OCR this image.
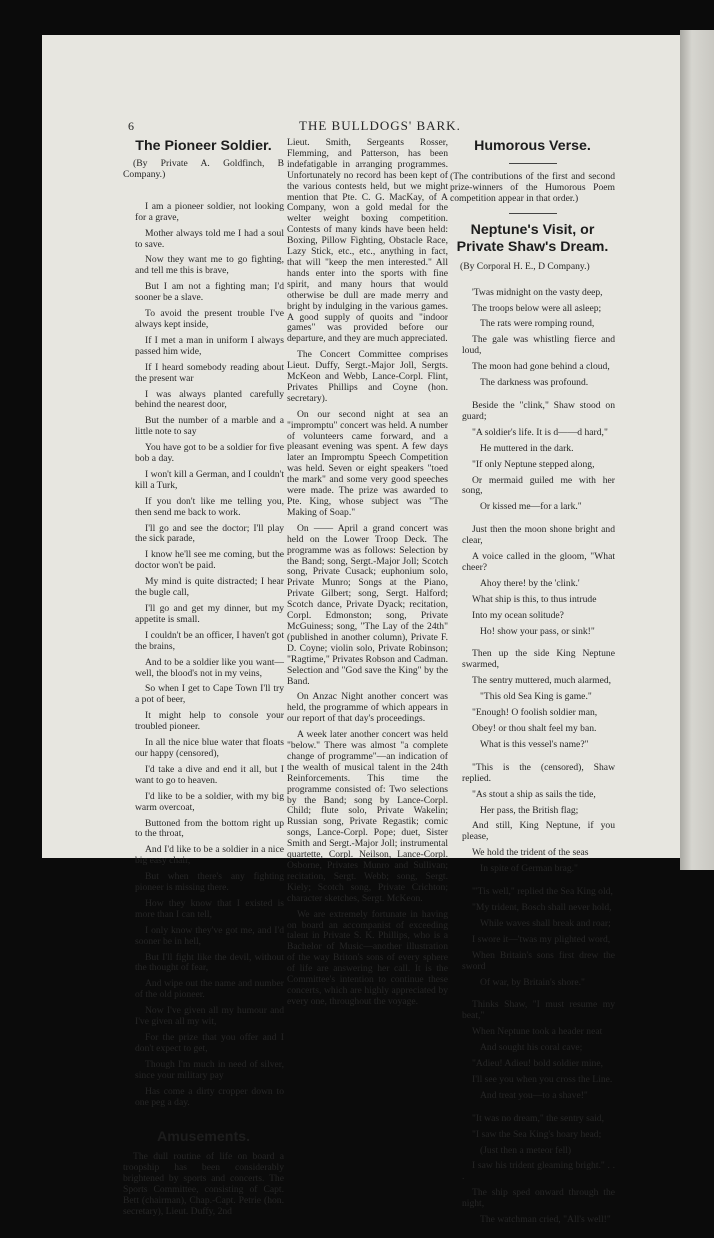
6	THE BULLDOGS' BARK.
The Pioneer Soldier.

(By Private A. Goldfinch, B Company.)

I am a pioneer soldier, not looking for a grave,

Mother always told me I had a soul to save.

Now they want me to go fighting, and tell me this is brave,

But I am not a fighting man; I'd sooner be a slave.

To avoid the present trouble I've always kept inside,

If I met a man in uniform I always passed him wide,

If I heard somebody reading about the present war

I was always planted carefully behind the nearest door,

But the number of a marble and a little note to say

You have got to be a soldier for five bob a day.

I won't kill a German, and I couldn't kill a Turk,

If you don't like me telling you, then send me back to work.

I'll go and see the doctor; I'll play the sick parade,

I know he'll see me coming, but the doctor won't be paid.

My mind is quite distracted; I hear the bugle call,

I'll go and get my dinner, but my appetite is small.

I couldn't be an officer, I haven't got the brains,

And to be a soldier like you want—well, the blood's not in my veins,

So when I get to Cape Town I'll try a pot of beer,

It might help to console your troubled pioneer.

In all the nice blue water that floats our happy (censored),

I'd take a dive and end it all, but I want to go to heaven.

I'd like to be a soldier, with my big warm overcoat,

Buttoned from the bottom right up to the throat,

And I'd like to be a soldier in a nice big easy chair,

But when there's any fighting pioneer is missing there.

How they know that I existed is more than I can tell,

I only know they've got me, and I'd sooner be in hell,

But I'll fight like the devil, without the thought of fear,

And wipe out the name and number of the old pioneer.

Now I've given all my humour and I've given all my wit,

For the prize that you offer and I don't expect to get,

Though I'm much in need of silver, since your military pay

Has come a dirty cropper down to one peg a day.

Amusements.

The dull routine of life on board a troopship has been considerably brightened by sports and concerts. The Sports Committee, consisting of Capt. Bett (chairman), Chap.-Capt. Petrie (hon. secretary), Lieut. Duffy, 2nd

Lieut. Smith, Sergeants Rosser, Flemming, and Patterson, has been indefatigable in arranging programmes. Unfortunately no record has been kept of the various contests held, but we might mention that Pte. C. G. MacKay, of A Company, won a gold medal for the welter weight boxing competition. Contests of many kinds have been held: Boxing, Pillow Fighting, Obstacle Race, Lazy Stick, etc., etc., anything in fact, that will "keep the men interested." All hands enter into the sports with fine spirit, and many hours that would otherwise be dull are made merry and bright by indulging in the various games. A good supply of quoits and "indoor games" was provided before our departure, and they are much appreciated.

The Concert Committee comprises Lieut. Duffy, Sergt.-Major Joll, Sergts. McKeon and Webb, Lance-Corpl. Flint, Privates Phillips and Coyne (hon. secretary).

On our second night at sea an "impromptu" concert was held. A number of volunteers came forward, and a pleasant evening was spent. A few days later an Impromptu Speech Competition was held. Seven or eight speakers "toed the mark" and some very good speeches were made. The prize was awarded to Pte. King, whose subject was "The Making of Soap."

On —— April a grand concert was held on the Lower Troop Deck. The programme was as follows: Selection by the Band; song, Sergt.-Major Joll; Scotch song, Private Cusack; euphonium solo, Private Munro; Songs at the Piano, Private Gilbert; song, Sergt. Halford; Scotch dance, Private Dyack; recitation, Corpl. Edmonston; song, Private McGuiness; song, "The Lay of the 24th" (published in another column), Private F. D. Coyne; violin solo, Private Robinson; "Ragtime," Privates Robson and Cadman. Selection and "God save the King" by the Band.

On Anzac Night another concert was held, the programme of which appears in our report of that day's proceedings.

A week later another concert was held "below." There was almost "a complete change of programme"—an indication of the wealth of musical talent in the 24th Reinforcements. This time the programme consisted of: Two selections by the Band; song by Lance-Corpl. Child; flute solo, Private Wakelin; Russian song, Private Regastik; comic songs, Lance-Corpl. Pope; duet, Sister Smith and Sergt.-Major Joll; instrumental quartette, Corpl. Neilson, Lance-Corpl. Osborne, Privates Munro and Sullivan; recitation, Sergt. Webb; song, Sergt. Kiely; Scotch song, Private Crichton; character sketches, Sergt. McKeon.

We are extremely fortunate in having on board an accompanist of exceeding talent in Private S. K. Phillips, who is a Bachelor of Music—another illustration of the way Briton's sons of every sphere of life are answering her call. It is the Committee's intention to continue these concerts, which are highly appreciated by every one, throughout the voyage.

Humorous Verse.

(The contributions of the first and second prize-winners of the Humorous Poem competition appear in that order.)

Neptune's Visit, or Private Shaw's Dream.

(By Corporal H. E., D Company.)

'Twas midnight on the vasty deep,

The troops below were all asleep;

The rats were romping round,

The gale was whistling fierce and loud,

The moon had gone behind a cloud,

The darkness was profound.

Beside the "clink," Shaw stood on guard;

"A soldier's life. It is d——d hard,"

He muttered in the dark.

"If only Neptune stepped along,

Or mermaid guiled me with her song,

Or kissed me—for a lark."

Just then the moon shone bright and clear,

A voice called in the gloom, "What cheer?

Ahoy there! by the 'clink.'

What ship is this, to thus intrude

Into my ocean solitude?

Ho! show your pass, or sink!"

Then up the side King Neptune swarmed,

The sentry muttered, much alarmed,

"This old Sea King is game."

"Enough! O foolish soldier man,

Obey! or thou shalt feel my ban.

What is this vessel's name?"

"This is the (censored), Shaw replied.

"As stout a ship as sails the tide,

Her pass, the British flag;

And still, King Neptune, if you please,

We hold the trident of the seas

In spite of German brag."

"'Tis well," replied the Sea King old,

"My trident, Bosch shall never hold,

While waves shall break and roar;

I swore it—'twas my plighted word,

When Britain's sons first drew the sword

Of war, by Britain's shore."

Thinks Shaw, "I must resume my beat,"

When Neptune took a header neat

And sought his coral cave;

"Adieu! Adieu! bold soldier mine,

I'll see you when you cross the Line.

And treat you—to a shave!"

"It was no dream," the sentry said,

"I saw the Sea King's hoary head;

(Just then a meteor fell)

I saw his trident gleaming bright." . . .

The ship sped onward through the night,

The watchman cried, "All's well!"
